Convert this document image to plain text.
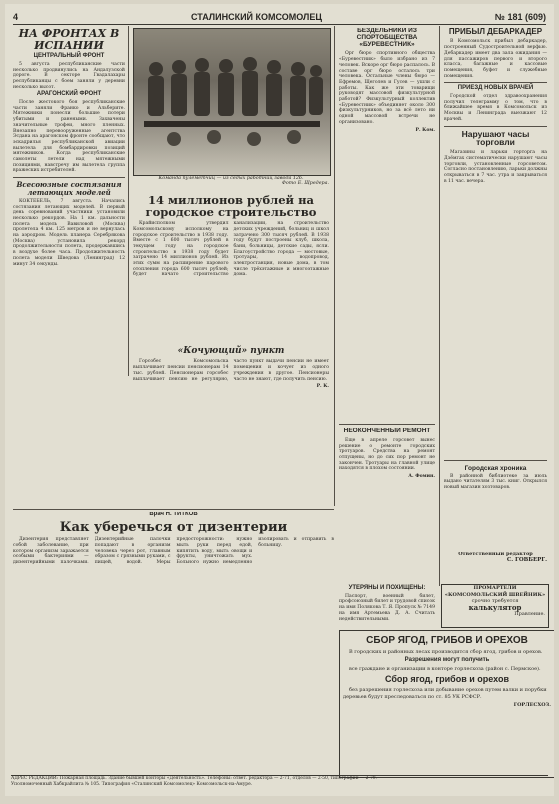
4	СТАЛИНСКИЙ КОМСОМОЛЕЦ	№ 181 (609)
НА ФРОНТАХ В ИСПАНИИ
ЦЕНТРАЛЬНЫЙ ФРОНТ
5 августа республиканские части несколько продвинулись на Андалузской дороге. В секторе Гвадалахары республиканцы с боем заняли у деревни несколько высот.
АРАГОНСКИЙ ФРОНТ
После жестокого боя республиканские части заняли Франко и Альберите. Мятежники понесли большие потери убитыми и ранеными. Захвачены значительные трофеи, много пленных. Внезапно перевооруженные агентства Эсдана на арагонском фронте сообщают, что эскадрилья республиканской авиации вылетела для бомбардировки позиций мятежников. Когда республиканские самолеты летели над мятежными позициями, навстречу им вылетела группа вражеских истребителей.
Всесоюзные состязания летающих моделей
КОКТЕБЕЛЬ, 7 августа. Начались состязания летающих моделей. В первый день соревнований участники установили несколько рекордов. На 1 км. дальности полета модель Вавиловой (Москва) пролетела 4 км. 125 метров и не вернулась на аэродром. Модель планера Серебрякова (Москва) установила рекорд продолжительности полета, продержавшись в воздухе более часа. Продолжительность полета модели Шведова (Ленинград) 12 минут 34 секунды.
Команда пулеметчиц — из седых работниц завода 126.
Фото Е. Щредера.
14 миллионов рублей на городское строительство
Крайисполком утвердил Комсомольскому исполкому на городское строительство в 1938 году. Вместе с 1 600 тысяч рублей в текущем году на городское строительство в 1938 году будет затрачено 14 миллионов рублей. Из этих сумм на расширение парового отопления города 600 тысяч рублей; будет начато строительство канализации, на строительство детских учреждений, больниц и школ затрачено 300 тысяч рублей. В 1938 году будут построены клуб, школа, бани, больницы, детские сады, ясли. Благоустройство города — мостовые, тротуары, водопровод, электростанция, новые дома, в том числе трёхэтажные и многоэтажные дома.
«Кочующий» пункт
Горсобес Комсомольска выплачивает пенсии пенсионерам 14 тыс. рублей. Пенсионерам горсобес выплачивает пенсию не регулярно, часто пункт выдачи пенсии не имеет помещения и кочует из одного учреждения в другое. Пенсионеры часто не знают, где получить пенсию.
Р. К.
БЕЗДЕЛЬНИКИ ИЗ СПОРТОБЩЕСТВА «БУРЕВЕСТНИК»
Орг бюро спортивного общества «Буревестник» было избрано из 7 человек. Вскоре орг бюро распалось. В составе орг бюро осталось три человека. Остальные члены бюро — Ефремов, Щеголев и Гусев — ушли с работы. Как же эти товарищи руководят массовой физкультурной работой? Физкультурный коллектив «Буревестник» объединяет около 300 физкультурников, но за всё лето ни одной массовой встречи не организовано.
Р. Ком.
НЕОКОНЧЕННЫЙ РЕМОНТ
Еще в апреле горсовет вынес решение о ремонте городских тротуаров. Средства на ремонт отпущены, но до сих пор ремонт не закончен. Тротуары на главной улице находятся в плохом состоянии.
А. Фомин.
ПРИБЫЛ ДЕБАРКАДЕР
В Комсомольск прибыл дебаркадер, построенный Судостроительной верфью. Дебаркадер имеет два зала ожидания — для пассажиров первого и второго класса, багажные и кассовые помещения, буфет и служебные помещения.
ПРИЕЗД НОВЫХ ВРАЧЕЙ
Городской отдел здравоохранения получил телеграмму о том, что в ближайшее время в Комсомольск из Москвы и Ленинграда выезжают 12 врачей.
Нарушают часы торговли
Магазины и ларьки горторга на Дзёмгах систематически нарушают часы торговли, установленные горсоветом. Согласно постановлению, ларьки должны открываться в 7 час. утра и закрываться в 11 час. вечера.
Городская хроника
В районной библиотеке за июль выдано читателям 3 тыс. книг. Открылся новый магазин хозтоваров.
Ответственный редактор
С. ГОВБЕРГ.
Врач Н. ТИТКОВ
Как уберечься от дизентерии
Дизентерия представляет собой заболевание, при котором организм заражается особыми бактериями — дизентерийными палочками. Дизентерийные палочки попадают в организм человека через рот, главным образом с грязными руками, с пищей, водой. Меры предосторожности: нужно мыть руки перед едой, кипятить воду, мыть овощи и фрукты, уничтожать мух. Больного нужно немедленно изолировать и отправить в больницу.
УТЕРЯНЫ И ПОХИЩЕНЫ:
Паспорт, военный билет, профсоюзный билет и трудовой список на имя Полякова Т. Я. Пропуск № 7149 на имя Артемьева Д. А. Считать недействительными.
ПРОМАРТЕЛИ «КОМСОМОЛЬСКИЙ ШВЕЙНИК»
срочно требуется
калькулятор
Правление.
СБОР ЯГОД, ГРИБОВ И ОРЕХОВ
В городских и районных лесах производится сбор ягод, грибов и орехов.
Разрешения могут получить
все граждане и организации в конторе горлесхоза (район с. Пермское).
Сбор ягод, грибов и орехов
без разрешения горлесхоза или добывание орехов путем валки и порубки деревьев будут преследоваться по ст. 85 УК РСФСР.
ГОРЛЕСХОЗ.
АДРЕС РЕДАКЦИИ: Пожарная площадь. Здание бывшей конторы «Деятельность». Телефоны: ответ. редактора — 2-71, отделов — 2-50, типографии — 2-79.
Уполномоченный Хабкрайлита № 105. Типография «Сталинский Комсомолец» Комсомольск-на-Амуре.
